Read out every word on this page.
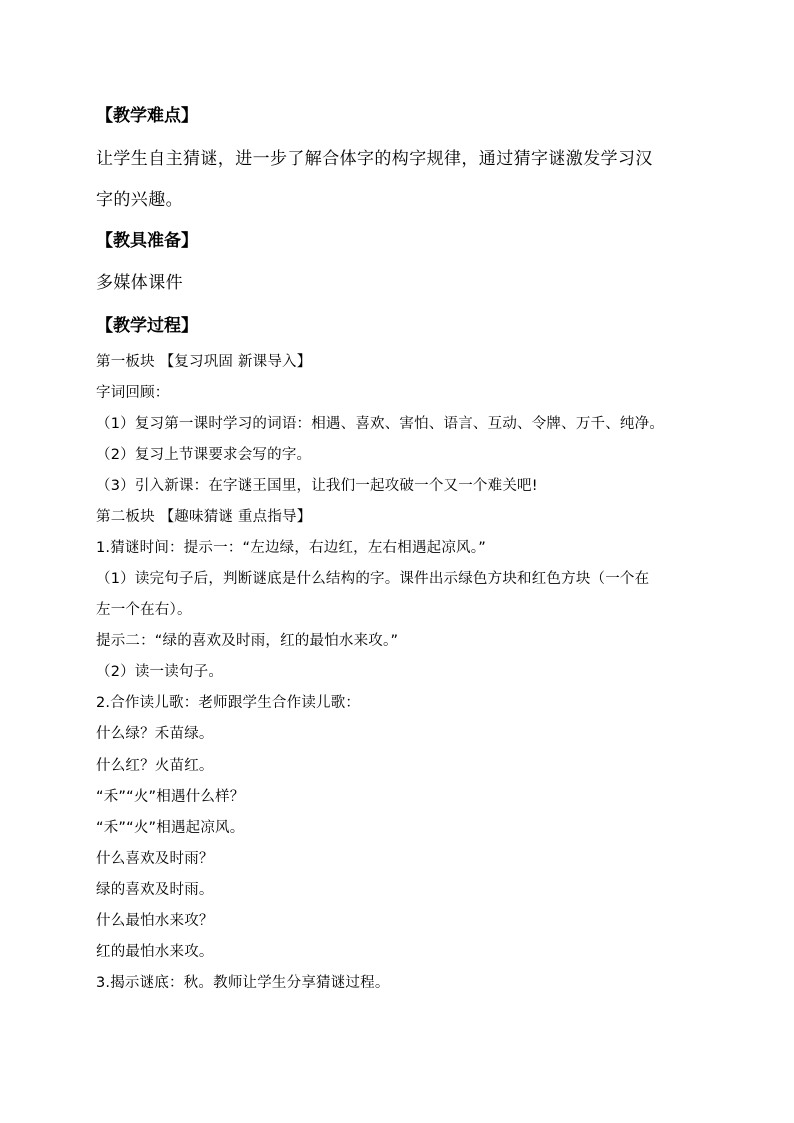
【教学难点】
让学生自主猜谜，进一步了解合体字的构字规律，通过猜字谜激发学习汉
字的兴趣。
【教具准备】
多媒体课件
【教学过程】
第一板块 【复习巩固 新课导入】
字词回顾：
（1）复习第一课时学习的词语：相遇、喜欢、害怕、语言、互动、令牌、万千、纯净。
（2）复习上节课要求会写的字。
（3）引入新课：在字谜王国里，让我们一起攻破一个又一个难关吧!
第二板块 【趣味猜谜 重点指导】
1.猜谜时间：提示一：“左边绿，右边红，左右相遇起凉风。”
（1）读完句子后，判断谜底是什么结构的字。课件出示绿色方块和红色方块（一个在
左一个在右）。
提示二：“绿的喜欢及时雨，红的最怕水来攻。”
（2）读一读句子。
2.合作读儿歌：老师跟学生合作读儿歌：
什么绿？禾苗绿。
什么红？火苗红。
“禾”“火”相遇什么样？
“禾”“火”相遇起凉风。
什么喜欢及时雨？
绿的喜欢及时雨。
什么最怕水来攻？
红的最怕水来攻。
3.揭示谜底：秋。教师让学生分享猜谜过程。
